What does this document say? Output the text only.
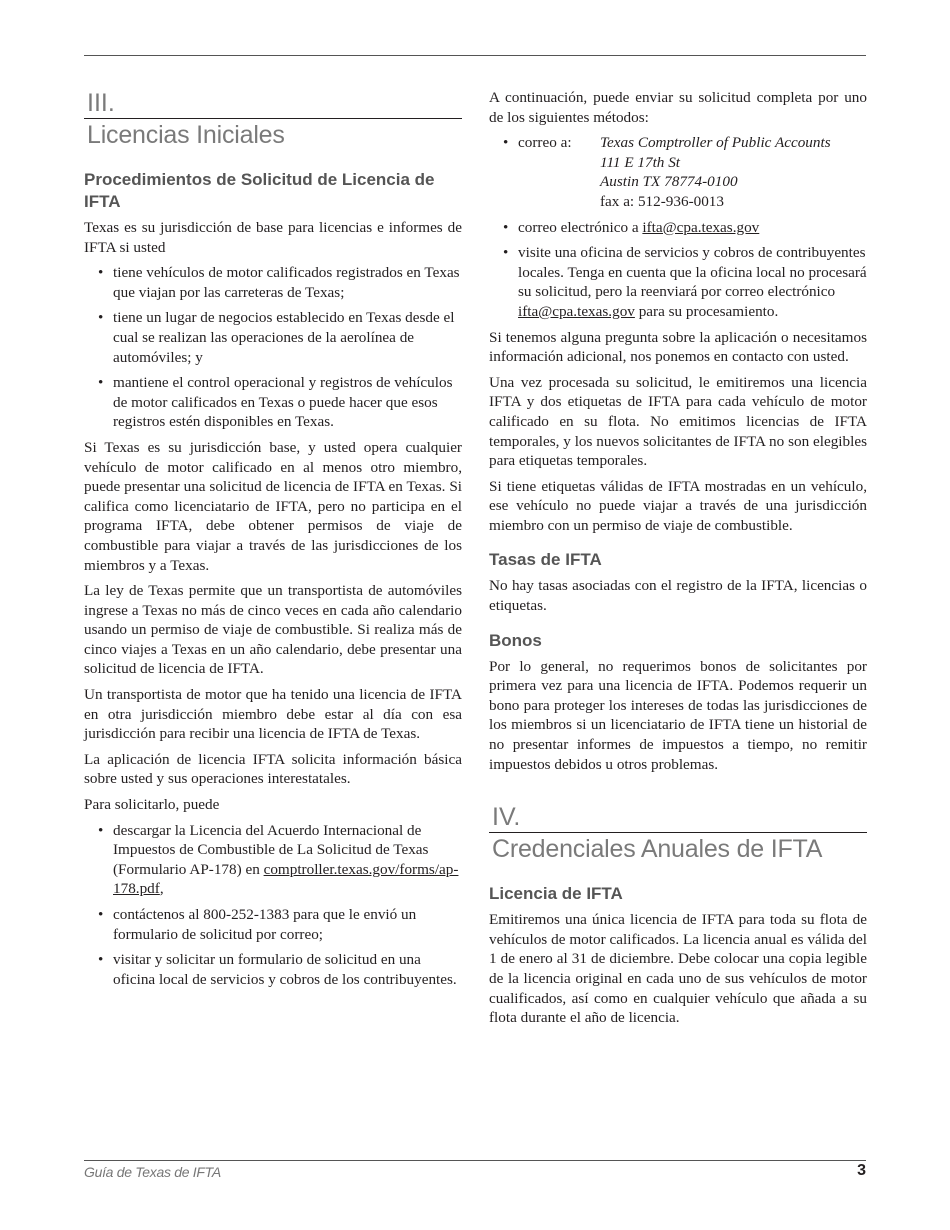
III.
Licencias Iniciales
Procedimientos de Solicitud de Licencia de IFTA

Texas es su jurisdicción de base para licencias e informes de IFTA si usted

• tiene vehículos de motor calificados registrados en Texas que viajan por las carreteras de Texas;
• tiene un lugar de negocios establecido en Texas desde el cual se realizan las operaciones de la aerolínea de automóviles; y
• mantiene el control operacional y registros de vehículos de motor calificados en Texas o puede hacer que esos registros estén disponibles en Texas.

Si Texas es su jurisdicción base, y usted opera cualquier vehículo de motor calificado en al menos otro miembro, puede presentar una solicitud de licencia de IFTA en Texas. Si califica como licenciatario de IFTA, pero no participa en el programa IFTA, debe obtener permisos de viaje de combustible para viajar a través de las jurisdicciones de los miembros y a Texas.

La ley de Texas permite que un transportista de automóviles ingrese a Texas no más de cinco veces en cada año calendario usando un permiso de viaje de combustible. Si realiza más de cinco viajes a Texas en un año calendario, debe presentar una solicitud de licencia de IFTA.

Un transportista de motor que ha tenido una licencia de IFTA en otra jurisdicción miembro debe estar al día con esa jurisdicción para recibir una licencia de IFTA de Texas.

La aplicación de licencia IFTA solicita información básica sobre usted y sus operaciones interestatales.

Para solicitarlo, puede

• descargar la Licencia del Acuerdo Internacional de Impuestos de Combustible de La Solicitud de Texas (Formulario AP-178) en comptroller.texas.gov/forms/ap-178.pdf,
• contáctenos al 800-252-1383 para que le envió un formulario de solicitud por correo;
• visitar y solicitar un formulario de solicitud en una oficina local de servicios y cobros de los contribuyentes.

A continuación, puede enviar su solicitud completa por uno de los siguientes métodos:

• correo a:	Texas Comptroller of Public Accounts
111 E 17th St
Austin TX 78774-0100
fax a: 512-936-0013
• correo electrónico a ifta@cpa.texas.gov
• visite una oficina de servicios y cobros de contribuyentes locales. Tenga en cuenta que la oficina local no procesará su solicitud, pero la reenviará por correo electrónico ifta@cpa.texas.gov para su procesamiento.

Si tenemos alguna pregunta sobre la aplicación o necesitamos información adicional, nos ponemos en contacto con usted.

Una vez procesada su solicitud, le emitiremos una licencia IFTA y dos etiquetas de IFTA para cada vehículo de motor calificado en su flota. No emitimos licencias de IFTA temporales, y los nuevos solicitantes de IFTA no son elegibles para etiquetas temporales.

Si tiene etiquetas válidas de IFTA mostradas en un vehículo, ese vehículo no puede viajar a través de una jurisdicción miembro con un permiso de viaje de combustible.

Tasas de IFTA

No hay tasas asociadas con el registro de la IFTA, licencias o etiquetas.

Bonos

Por lo general, no requerimos bonos de solicitantes por primera vez para una licencia de IFTA. Podemos requerir un bono para proteger los intereses de todas las jurisdicciones de los miembros si un licenciatario de IFTA tiene un historial de no presentar informes de impuestos a tiempo, no remitir impuestos debidos u otros problemas.

IV.
Credenciales Anuales de IFTA
Licencia de IFTA

Emitiremos una única licencia de IFTA para toda su flota de vehículos de motor calificados. La licencia anual es válida del 1 de enero al 31 de diciembre. Debe colocar una copia legible de la licencia original en cada uno de sus vehículos de motor cualificados, así como en cualquier vehículo que añada a su flota durante el año de licencia.

Guía de Texas de IFTA	3
